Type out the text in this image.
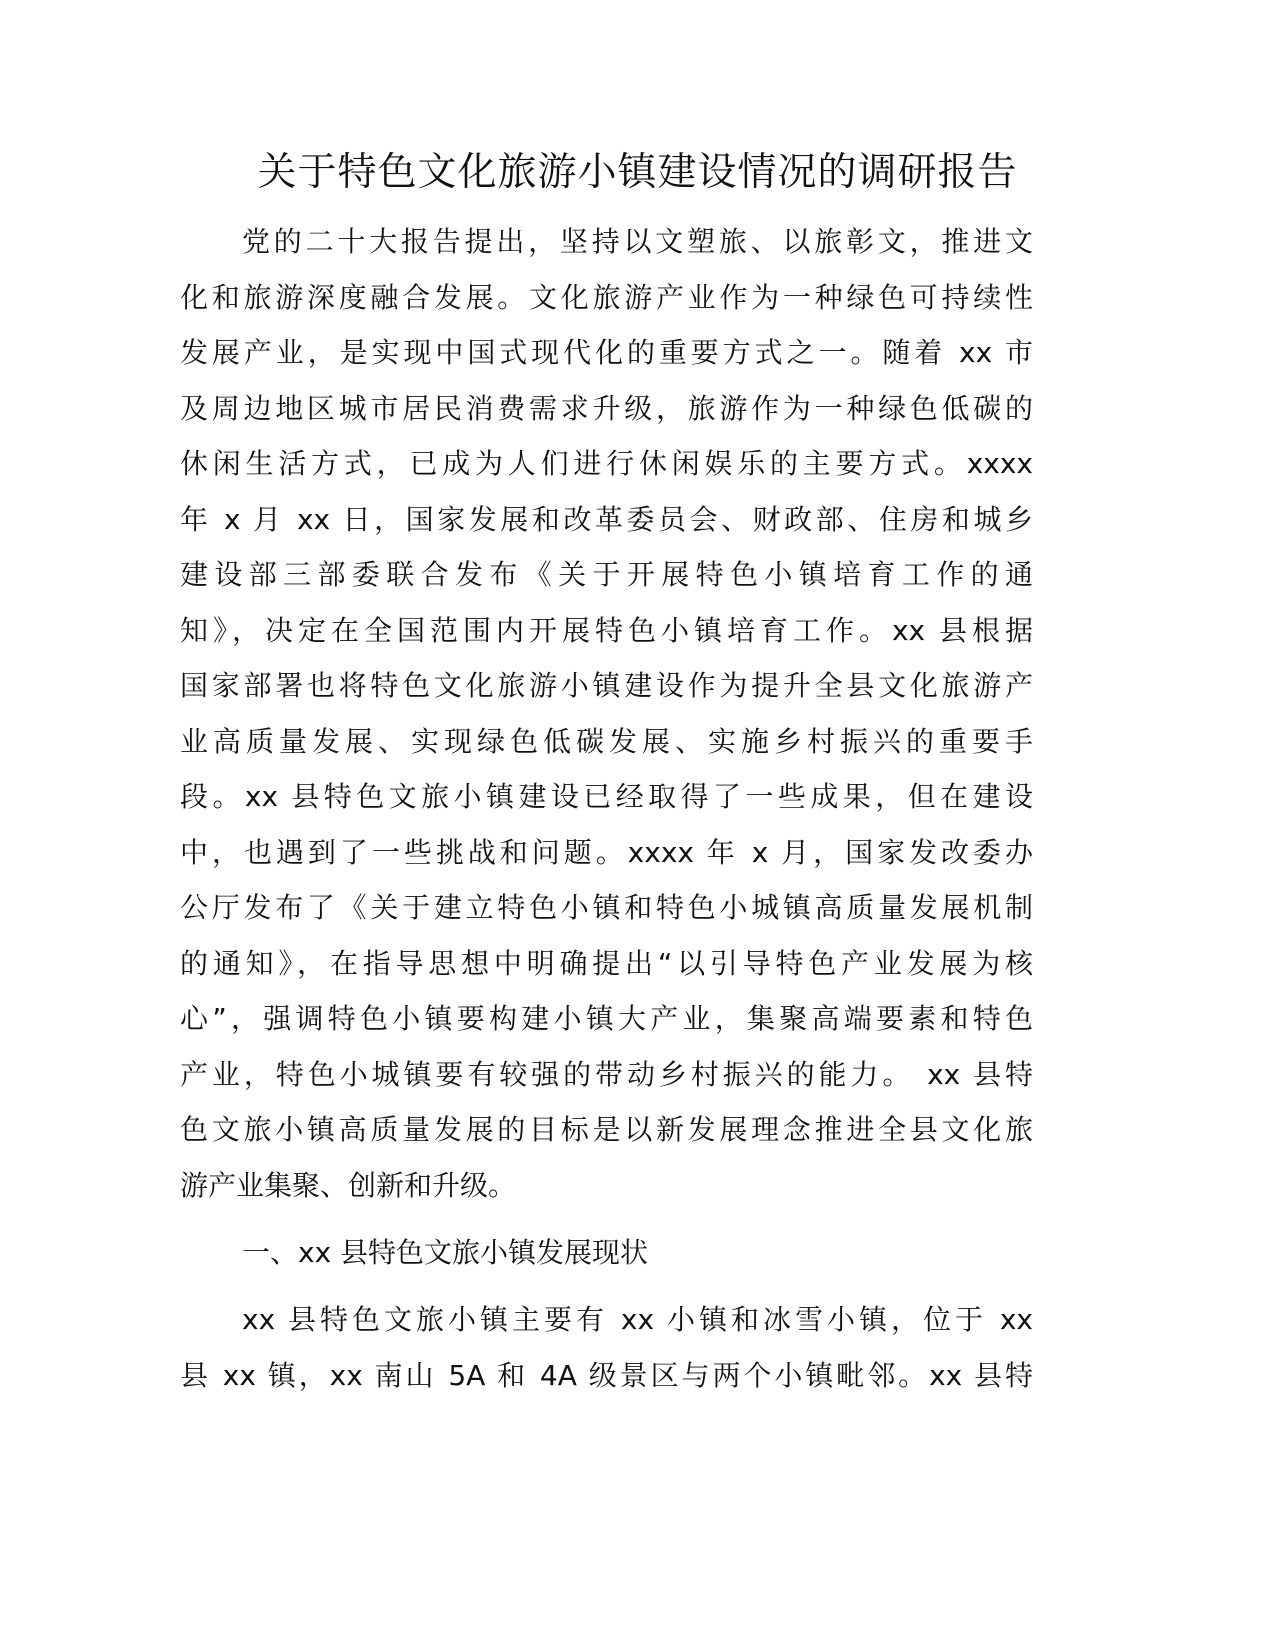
关于特色文化旅游小镇建设情况的调研报告
党的二十大报告提出，坚持以文塑旅、以旅彰文，推进文
化和旅游深度融合发展。文化旅游产业作为一种绿色可持续性
发展产业，是实现中国式现代化的重要方式之一。随着 xx 市
及周边地区城市居民消费需求升级，旅游作为一种绿色低碳的
休闲生活方式，已成为人们进行休闲娱乐的主要方式。xxxx
年 x 月 xx 日，国家发展和改革委员会、财政部、住房和城乡
建设部三部委联合发布《关于开展特色小镇培育工作的通
知》，决定在全国范围内开展特色小镇培育工作。xx 县根据
国家部署也将特色文化旅游小镇建设作为提升全县文化旅游产
业高质量发展、实现绿色低碳发展、实施乡村振兴的重要手
段。xx 县特色文旅小镇建设已经取得了一些成果，但在建设
中，也遇到了一些挑战和问题。xxxx 年 x 月，国家发改委办
公厅发布了《关于建立特色小镇和特色小城镇高质量发展机制
的通知》，在指导思想中明确提出“以引导特色产业发展为核
心”，强调特色小镇要构建小镇大产业，集聚高端要素和特色
产业，特色小城镇要有较强的带动乡村振兴的能力。 xx 县特
色文旅小镇高质量发展的目标是以新发展理念推进全县文化旅
游产业集聚、创新和升级。
一、xx 县特色文旅小镇发展现状
xx 县特色文旅小镇主要有 xx 小镇和冰雪小镇，位于 xx
县 xx 镇，xx 南山 5A 和 4A 级景区与两个小镇毗邻。xx 县特
